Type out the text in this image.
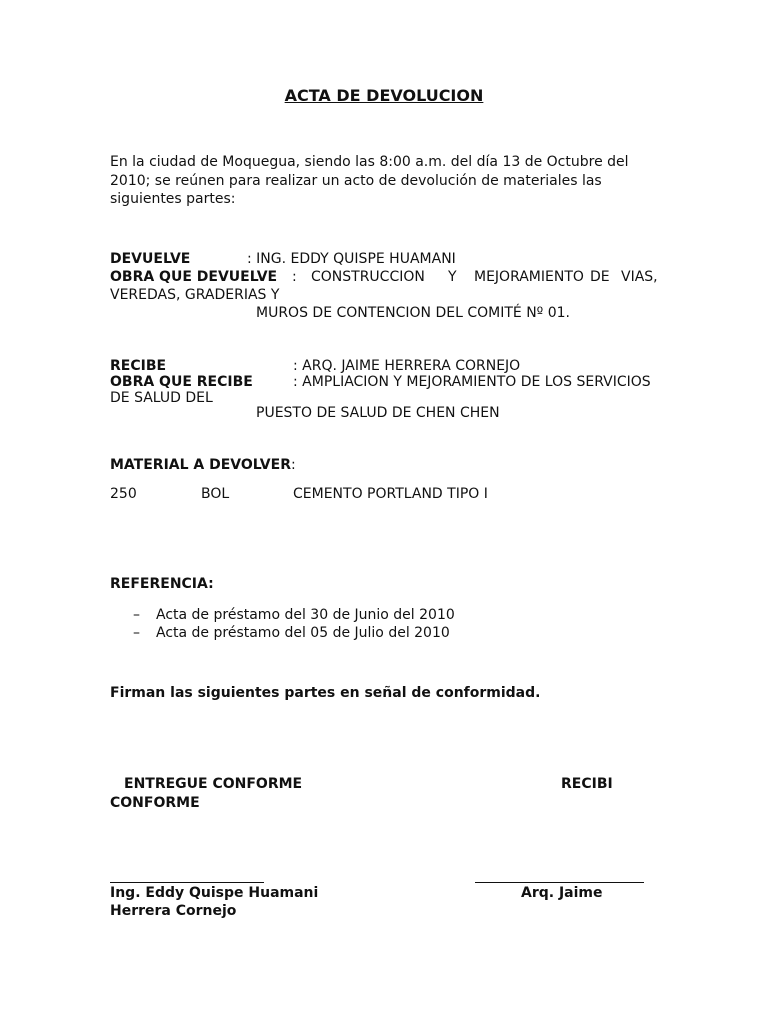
ACTA DE DEVOLUCION
En la ciudad de Moquegua, siendo las 8:00 a.m. del día 13 de Octubre del
2010; se reúnen para realizar un acto de devolución de materiales las
siguientes partes:
DEVUELVE	: ING. EDDY QUISPE HUAMANI
OBRA QUE DEVUELVE : CONSTRUCCION Y MEJORAMIENTO DE VIAS,
VEREDAS, GRADERIAS Y
MUROS DE CONTENCION DEL COMITÉ Nº 01.
RECIBE	: ARQ. JAIME HERRERA CORNEJO
OBRA QUE RECIBE	: AMPLIACION Y MEJORAMIENTO DE LOS SERVICIOS
DE SALUD DEL
PUESTO DE SALUD DE CHEN CHEN
MATERIAL A DEVOLVER:
250	BOL	CEMENTO PORTLAND TIPO I
REFERENCIA:
– Acta de préstamo del 30 de Junio del 2010
– Acta de préstamo del 05 de Julio del 2010
Firman las siguientes partes en señal de conformidad.
ENTREGUE CONFORME	RECIBI
CONFORME
Ing. Eddy Quispe Huamani	Arq. Jaime
Herrera Cornejo
